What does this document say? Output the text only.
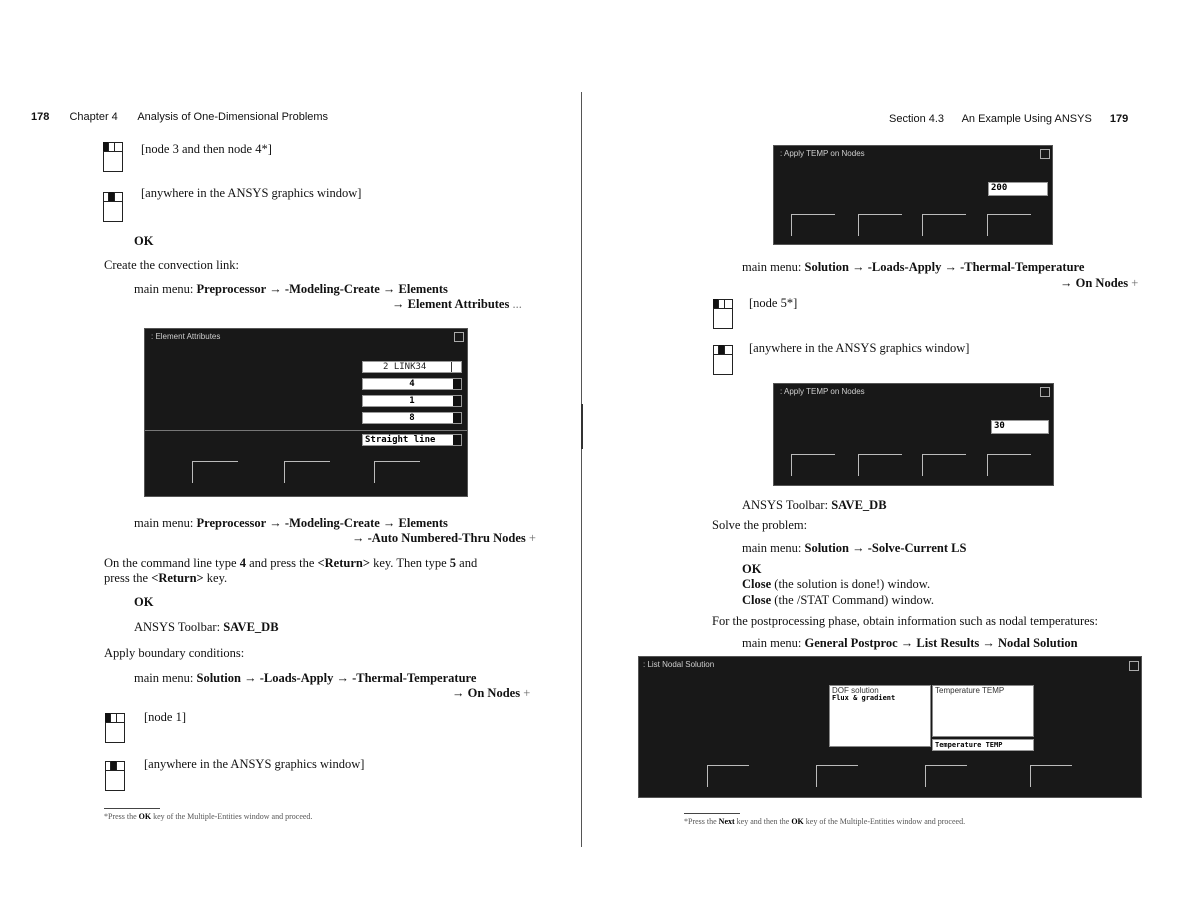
178 Chapter 4 Analysis of One-Dimensional Problems
[node 3 and then node 4*]
[anywhere in the ANSYS graphics window]
OK
Create the convection link:
main menu: Preprocessor → -Modeling-Create → Elements
→ Element Attributes ...
: Element Attributes
2 LINK34
4
1
8
Straight line
main menu: Preprocessor → -Modeling-Create → Elements
→ -Auto Numbered-Thru Nodes +
On the command line type 4 and press the <Return> key. Then type 5 and
press the <Return> key.
OK
ANSYS Toolbar: SAVE_DB
Apply boundary conditions:
main menu: Solution → -Loads-Apply → -Thermal-Temperature
→ On Nodes +
[node 1]
[anywhere in the ANSYS graphics window]
*Press the OK key of the Multiple-Entities window and proceed.
Section 4.3 An Example Using ANSYS 179
: Apply TEMP on Nodes
200
main menu: Solution → -Loads-Apply → -Thermal-Temperature
→ On Nodes +
[node 5*]
[anywhere in the ANSYS graphics window]
: Apply TEMP on Nodes
30
ANSYS Toolbar: SAVE_DB
Solve the problem:
main menu: Solution → -Solve-Current LS
OK
Close (the solution is done!) window.
Close (the /STAT Command) window.
For the postprocessing phase, obtain information such as nodal temperatures:
main menu: General Postproc → List Results → Nodal Solution
: List Nodal Solution
DOF solution
Flux & gradient
Temperature TEMP
Temperature TEMP
*Press the Next key and then the OK key of the Multiple-Entities window and proceed.
